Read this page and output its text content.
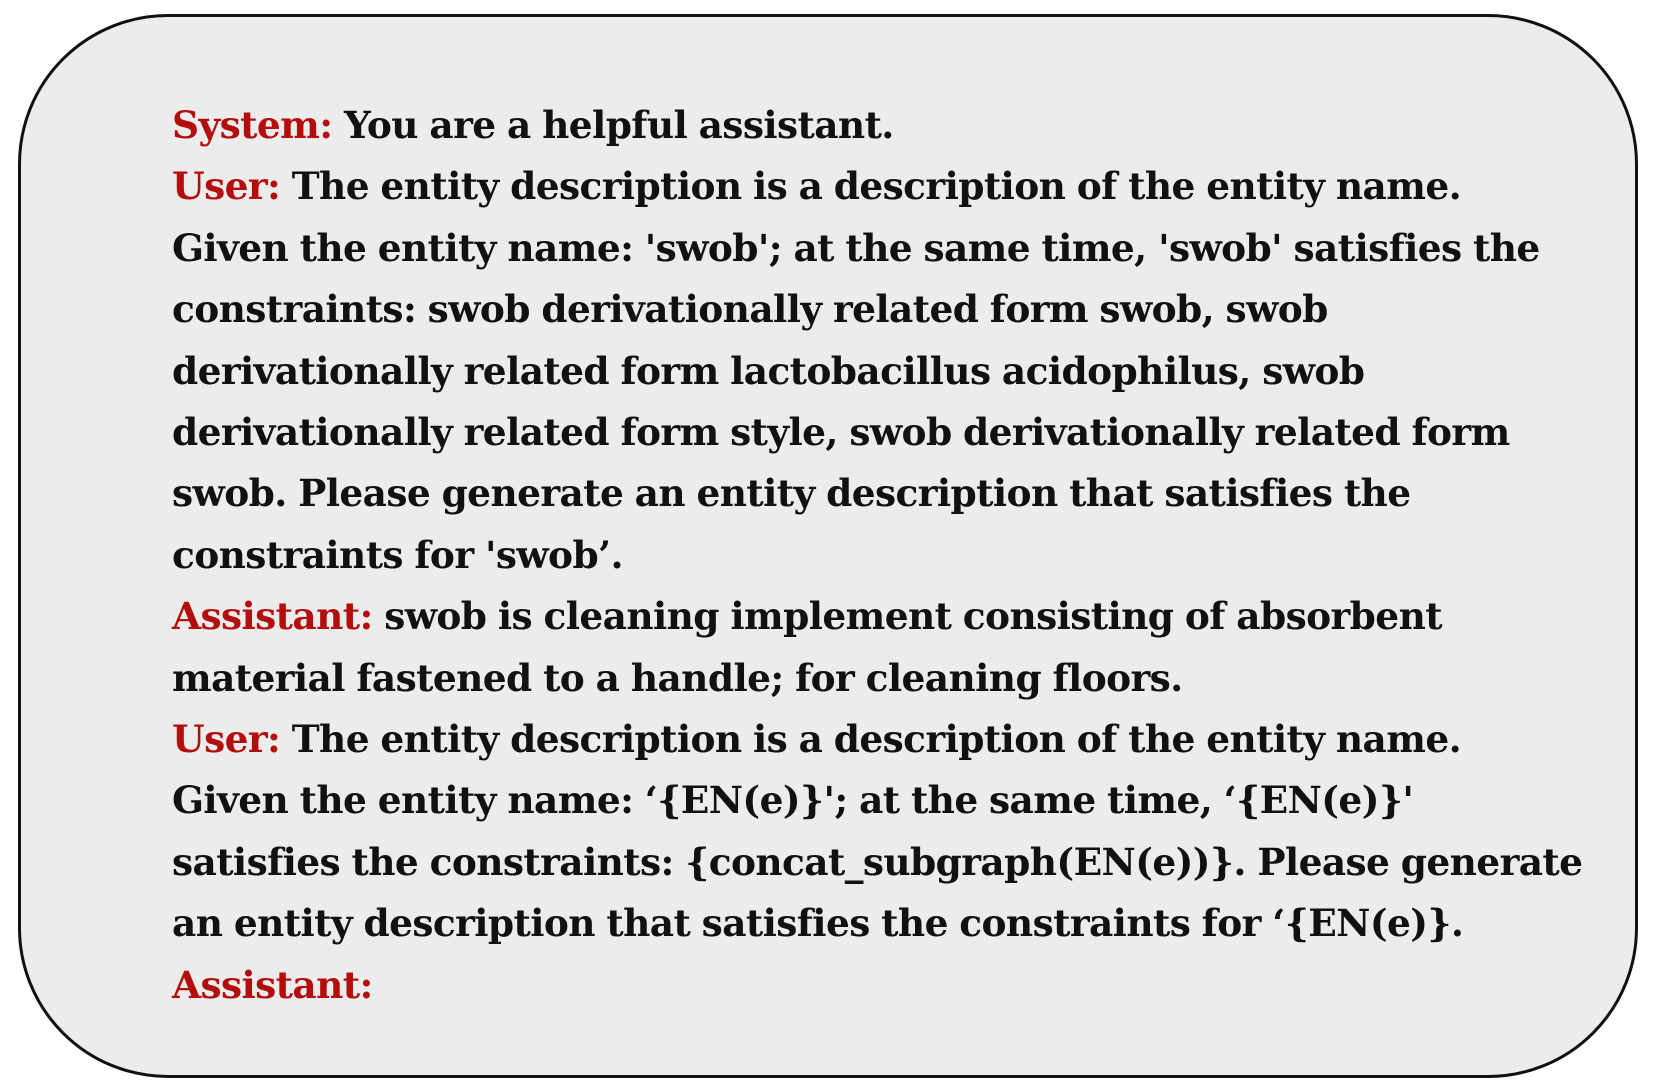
System: You are a helpful assistant.
User: The entity description is a description of the entity name.
Given the entity name: 'swob'; at the same time, 'swob' satisfies the
constraints: swob derivationally related form swob, swob
derivationally related form lactobacillus acidophilus, swob
derivationally related form style, swob derivationally related form
swob. Please generate an entity description that satisfies the
constraints for 'swob’.
Assistant: swob is cleaning implement consisting of absorbent
material fastened to a handle; for cleaning floors.
User: The entity description is a description of the entity name.
Given the entity name: ‘{EN(e)}'; at the same time, ‘{EN(e)}'
satisfies the constraints: {concat_subgraph(EN(e))}. Please generate
an entity description that satisfies the constraints for ‘{EN(e)}.
Assistant:
